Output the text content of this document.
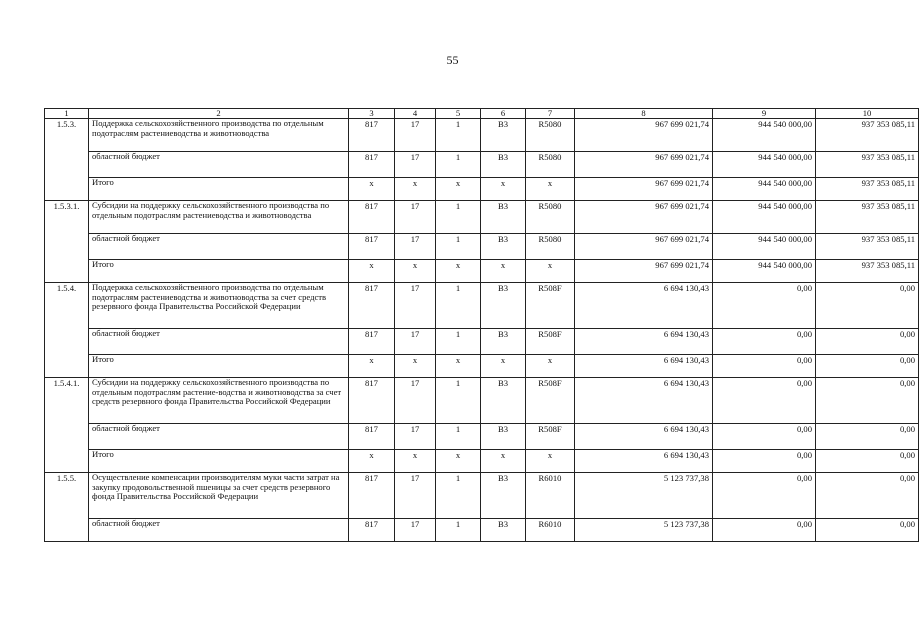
55
1	2	3	4	5	6	7	8	9	10
1.5.3.	Поддержка сельскохозяйственного производства по отдельным подотраслям растениеводства и животноводства	817	17	1	В3	R5080	967 699 021,74	944 540 000,00	937 353 085,11
	областной бюджет	817	17	1	В3	R5080	967 699 021,74	944 540 000,00	937 353 085,11
	Итого	x	x	x	x	x	967 699 021,74	944 540 000,00	937 353 085,11
1.5.3.1.	Субсидии на поддержку сельскохозяйственного производства по отдельным подотраслям растениеводства и животноводства	817	17	1	В3	R5080	967 699 021,74	944 540 000,00	937 353 085,11
	областной бюджет	817	17	1	В3	R5080	967 699 021,74	944 540 000,00	937 353 085,11
	Итого	x	x	x	x	x	967 699 021,74	944 540 000,00	937 353 085,11
1.5.4.	Поддержка сельскохозяйственного производства по отдельным подотраслям растениеводства и животноводства за счет средств резервного фонда Правительства Российской Федерации	817	17	1	В3	R508F	6 694 130,43	0,00	0,00
	областной бюджет	817	17	1	В3	R508F	6 694 130,43	0,00	0,00
	Итого	x	x	x	x	x	6 694 130,43	0,00	0,00
1.5.4.1.	Субсидии на поддержку сельскохозяйственного производства по отдельным подотраслям растение-водства и животноводства за счет средств резервного фонда Правительства Российской Федерации	817	17	1	В3	R508F	6 694 130,43	0,00	0,00
	областной бюджет	817	17	1	В3	R508F	6 694 130,43	0,00	0,00
	Итого	x	x	x	x	x	6 694 130,43	0,00	0,00
1.5.5.	Осуществление компенсации производителям муки части затрат на закупку продовольственной пшеницы за счет средств резервного фонда Правительства Российской Федерации	817	17	1	В3	R6010	5 123 737,38	0,00	0,00
	областной бюджет	817	17	1	В3	R6010	5 123 737,38	0,00	0,00
